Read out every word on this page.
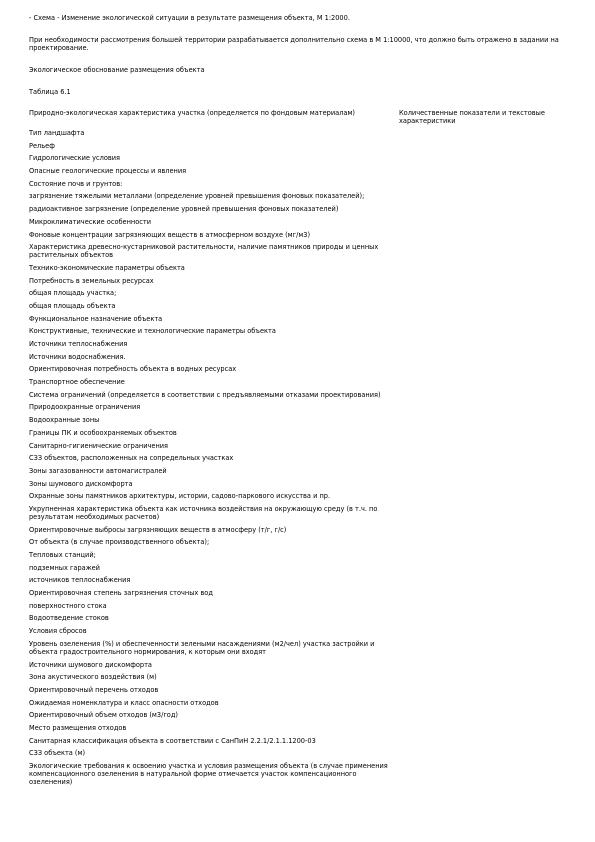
- Схема - Изменение экологической ситуации в результате размещения объекта, М 1:2000.
При необходимости рассмотрения большей территории разрабатывается дополнительно схема в М 1:10000, что должно быть отражено в задании на проектирование.
Экологическое обоснование размещения объекта
Таблица 6.1
Природно-экологическая характеристика участка (определяется по фондовым материалам)	Количественные показатели и текстовые характеристики
Тип ландшафта
Рельеф
Гидрологические условия
Опасные геологические процессы и явления
Состояние почв и грунтов:
загрязнение тяжелыми металлами (определение уровней превышения фоновых показателей);
радиоактивное загрязнение (определение уровней превышения фоновых показателей)
Микроклиматические особенности
Фоновые концентрации загрязняющих веществ в атмосферном воздухе (мг/м3)
Характеристика древесно-кустарниковой растительности, наличие памятников природы и ценных растительных объектов
Технико-экономические параметры объекта
Потребность в земельных ресурсах
общая площадь участка;
общая площадь объекта
Функциональное назначение объекта
Конструктивные, технические и технологические параметры объекта
Источники теплоснабжения
Источники водоснабжения.
Ориентировочная потребность объекта в водных ресурсах
Транспортное обеспечение
Система ограничений (определяется в соответствии с предъявляемыми отказами проектирования)
Природоохранные ограничения
Водоохранные зоны
Границы ПК и особоохраняемых объектов
Санитарно-гигиенические ограничения
СЗЗ объектов, расположенных на сопредельных участках
Зоны загазованности автомагистралей
Зоны шумового дискомфорта
Охранные зоны памятников архитектуры, истории, садово-паркового искусства и пр.
Укрупненная характеристика объекта как источника воздействия на окружающую среду (в т.ч. по результатам необходимых расчетов)
Ориентировочные выбросы загрязняющих веществ в атмосферу (т/г, г/с)
От объекта (в случае производственного объекта);
Тепловых станций;
подземных гаражей
источников теплоснабжения
Ориентировочная степень загрязнения сточных вод
поверхностного стока
Водоотведение стоков
Условия сбросов
Уровень озеленения (%) и обеспеченности зелеными насаждениями (м2/чел) участка застройки и объекта градостроительного нормирования, к которым они входят
Источники шумового дискомфорта
Зона акустического воздействия (м)
Ориентировочный перечень отходов
Ожидаемая номенклатура и класс опасности отходов
Ориентировочный объем отходов (м3/год)
Место размещения отходов
Санитарная классификация объекта в соответствии с СанПиН 2.2.1/2.1.1.1200-03
СЗЗ объекта (м)
Экологические требования к освоению участка и условия размещения объекта (в случае применения компенсационного озеленения в натуральной форме отмечается участок компенсационного озеленения)
